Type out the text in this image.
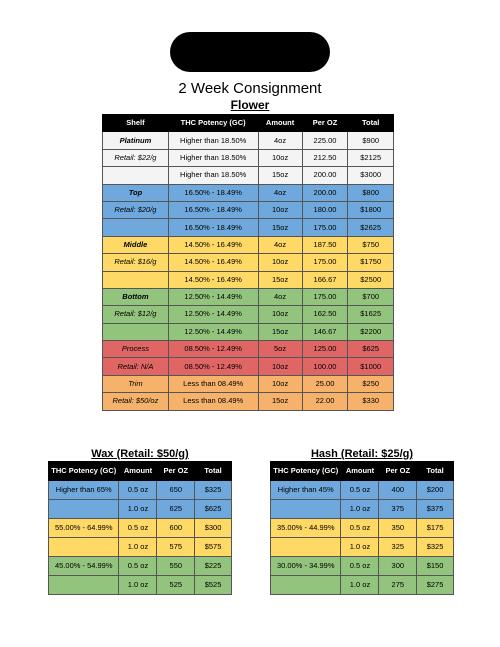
2 Week Consignment
Flower
Shelf	THC Potency (GC)	Amount	Per OZ	Total
Platinum	Higher than 18.50%	4oz	225.00	$900
Retail: $22/g	Higher than 18.50%	10oz	212.50	$2125
	Higher than 18.50%	15oz	200.00	$3000
Top	16.50% - 18.49%	4oz	200.00	$800
Retail: $20/g	16.50% - 18.49%	10oz	180.00	$1800
	16.50% - 18.49%	15oz	175.00	$2625
Middle	14.50% - 16.49%	4oz	187.50	$750
Retail: $16/g	14.50% - 16.49%	10oz	175.00	$1750
	14.50% - 16.49%	15oz	166.67	$2500
Bottom	12.50% - 14.49%	4oz	175.00	$700
Retail: $12/g	12.50% - 14.49%	10oz	162.50	$1625
	12.50% - 14.49%	15oz	146.67	$2200
Process	08.50% - 12.49%	5oz	125.00	$625
Retail: N/A	08.50% - 12.49%	10oz	100.00	$1000
Trim	Less than 08.49%	10oz	25.00	$250
Retail: $50/oz	Less than 08.49%	15oz	22.00	$330
Wax (Retail: $50/g)
THC Potency (GC)	Amount	Per OZ	Total
Higher than 65%	0.5 oz	650	$325
	1.0 oz	625	$625
55.00% - 64.99%	0.5 oz	600	$300
	1.0 oz	575	$575
45.00% - 54.99%	0.5 oz	550	$225
	1.0 oz	525	$525
Hash (Retail: $25/g)
THC Potency (GC)	Amount	Per OZ	Total
Higher than 45%	0.5 oz	400	$200
	1.0 oz	375	$375
35.00% - 44.99%	0.5 oz	350	$175
	1.0 oz	325	$325
30.00% - 34.99%	0.5 oz	300	$150
	1.0 oz	275	$275
